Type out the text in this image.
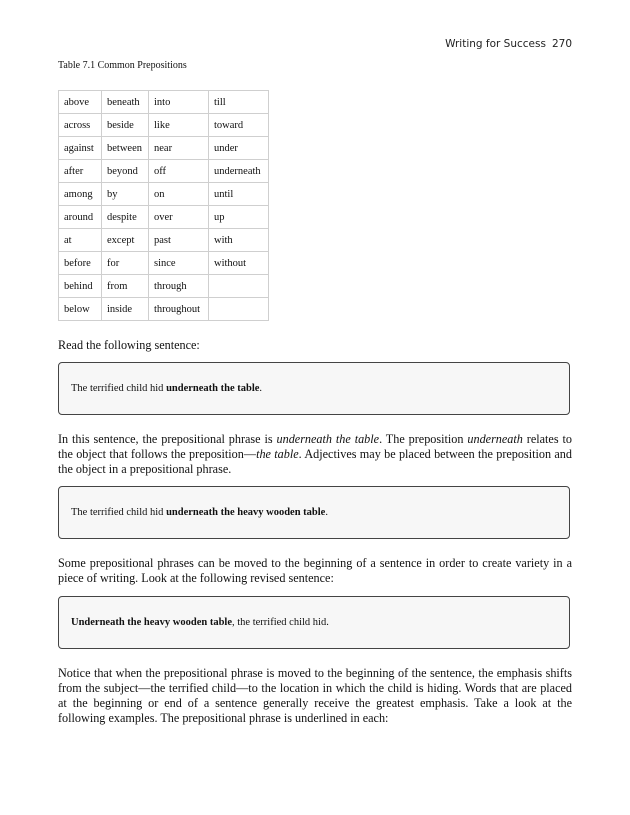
Writing for Success 270
Table 7.1 Common Prepositions
above	beneath	into	till
across	beside	like	toward
against	between	near	under
after	beyond	off	underneath
among	by	on	until
around	despite	over	up
at	except	past	with
before	for	since	without
behind	from	through	
below	inside	throughout	
Read the following sentence:
The terrified child hid underneath the table.
In this sentence, the prepositional phrase is underneath the table. The preposition underneath relates to the object that follows the preposition—the table. Adjectives may be placed between the preposition and the object in a prepositional phrase.
The terrified child hid underneath the heavy wooden table.
Some prepositional phrases can be moved to the beginning of a sentence in order to create variety in a piece of writing. Look at the following revised sentence:
Underneath the heavy wooden table, the terrified child hid.
Notice that when the prepositional phrase is moved to the beginning of the sentence, the emphasis shifts from the subject—the terrified child—to the location in which the child is hiding. Words that are placed at the beginning or end of a sentence generally receive the greatest emphasis. Take a look at the following examples. The prepositional phrase is underlined in each:
